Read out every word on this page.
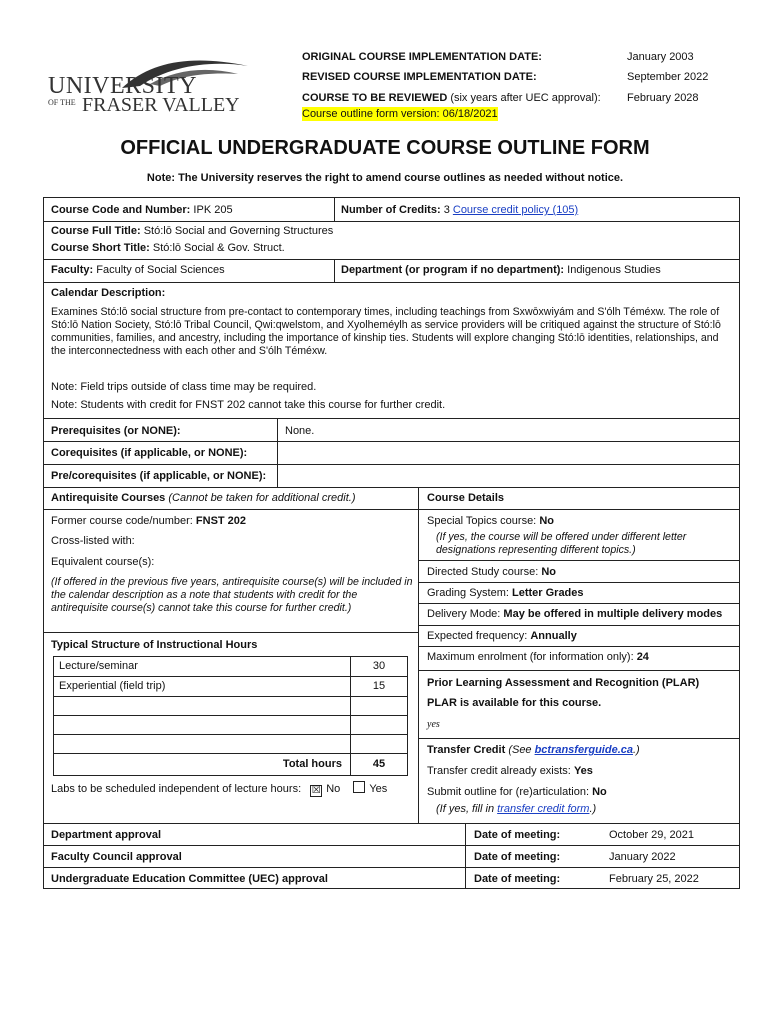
UNIVERSITY
OF THE FRASER VALLEY
ORIGINAL COURSE IMPLEMENTATION DATE:	January 2003
REVISED COURSE IMPLEMENTATION DATE:	September 2022
COURSE TO BE REVIEWED (six years after UEC approval): February 2028
Course outline form version: 06/18/2021
OFFICIAL UNDERGRADUATE COURSE OUTLINE FORM
Note: The University reserves the right to amend course outlines as needed without notice.
Course Code and Number: IPK 205	Number of Credits: 3 Course credit policy (105)
Course Full Title: Stó:lō Social and Governing Structures
Course Short Title: Stó:lō Social & Gov. Struct.
Faculty: Faculty of Social Sciences	Department (or program if no department): Indigenous Studies
Calendar Description:
Examines Stó:lō social structure from pre-contact to contemporary times, including teachings from Sxwōxwiyám and S'ólh Téméxw. The role of Stó:lō Nation Society, Stó:lō Tribal Council, Qwi:qwelstom, and Xyolheméylh as service providers will be critiqued against the structure of Stó:lō communities, families, and ancestry, including the importance of kinship ties. Students will explore changing Stó:lō identities, relationships, and the interconnectedness with each other and S'ólh Téméxw.
Note: Field trips outside of class time may be required.
Note: Students with credit for FNST 202 cannot take this course for further credit.
Prerequisites (or NONE):	None.
Corequisites (if applicable, or NONE):
Pre/corequisites (if applicable, or NONE):
Antirequisite Courses (Cannot be taken for additional credit.)
Former course code/number: FNST 202
Cross-listed with:
Equivalent course(s):
(If offered in the previous five years, antirequisite course(s) will be included in the calendar description as a note that students with credit for the antirequisite course(s) cannot take this course for further credit.)
Typical Structure of Instructional Hours
Lecture/seminar	30
Experiential (field trip)	15
Total hours	45
Labs to be scheduled independent of lecture hours: ☒ No	Yes
Course Details
Special Topics course: No
(If yes, the course will be offered under different letter designations representing different topics.)
Directed Study course: No
Grading System: Letter Grades
Delivery Mode: May be offered in multiple delivery modes
Expected frequency: Annually
Maximum enrolment (for information only): 24
Prior Learning Assessment and Recognition (PLAR)
PLAR is available for this course.
yes
Transfer Credit (See bctransferguide.ca.)
Transfer credit already exists: Yes
Submit outline for (re)articulation: No
(If yes, fill in transfer credit form.)
Department approval	Date of meeting:	October 29, 2021
Faculty Council approval	Date of meeting:	January 2022
Undergraduate Education Committee (UEC) approval	Date of meeting:	February 25, 2022
